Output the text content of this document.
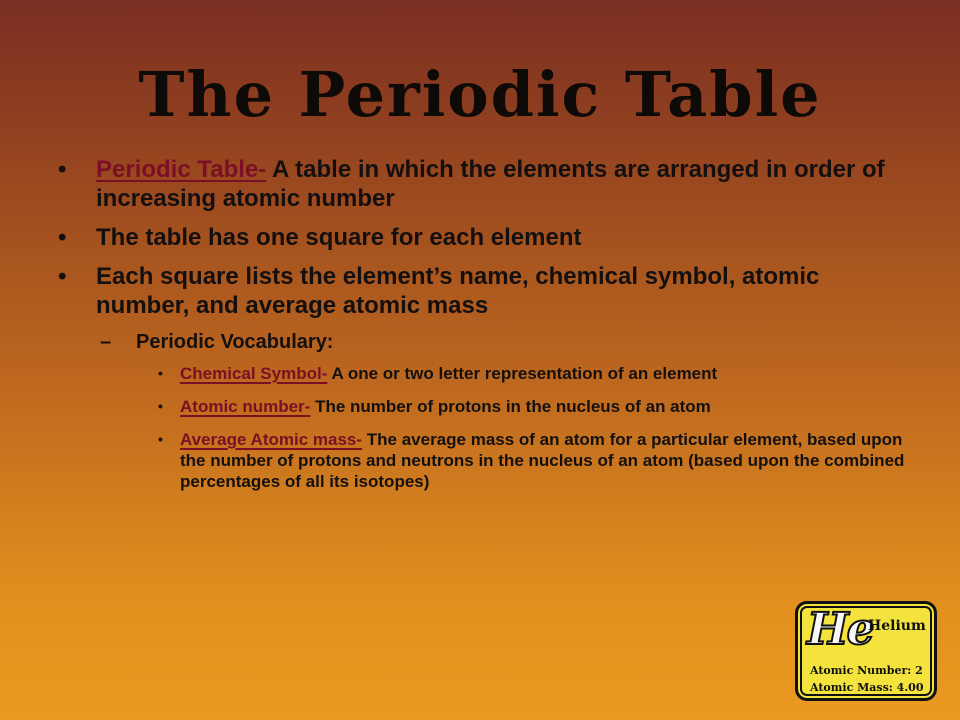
The Periodic Table
• Periodic Table- A table in which the elements are arranged in order of increasing atomic number
• The table has one square for each element
• Each square lists the element’s name, chemical symbol, atomic number, and average atomic mass
– Periodic Vocabulary:
• Chemical Symbol- A one or two letter representation of an element
• Atomic number- The number of protons in the nucleus of an atom
• Average Atomic mass- The average mass of an atom for a particular element, based upon the number of protons and neutrons in the nucleus of an atom (based upon the combined percentages of all its isotopes)
He
Helium
Atomic Number: 2
Atomic Mass: 4.00
